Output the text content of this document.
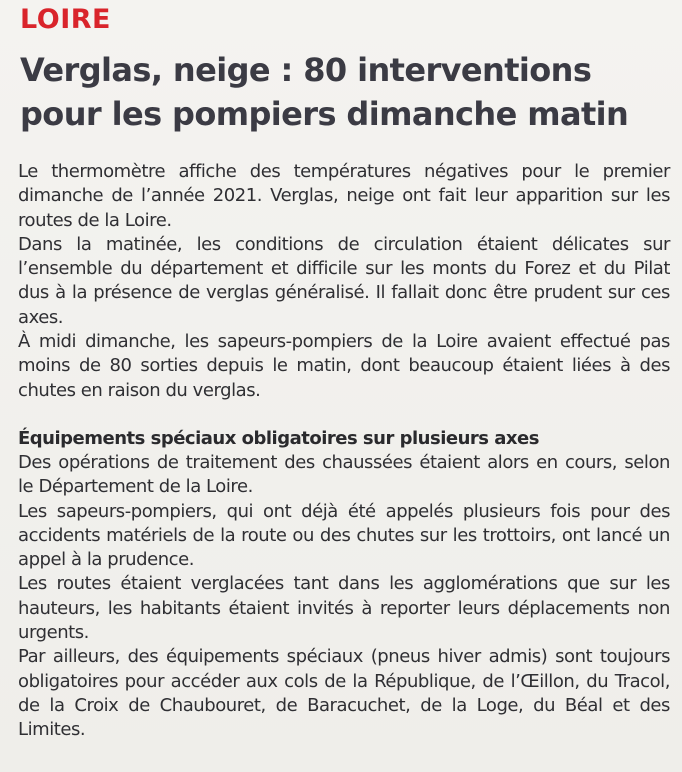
LOIRE
Verglas, neige : 80 interventions
pour les pompiers dimanche matin

Le thermomètre affiche des températures négatives pour le premier dimanche de l’année 2021. Verglas, neige ont fait leur apparition sur les routes de la Loire.

Dans la matinée, les conditions de circulation étaient délicates sur l’ensemble du département et difficile sur les monts du Forez et du Pilat dus à la présence de verglas généralisé. Il fallait donc être prudent sur ces axes.

À midi dimanche, les sapeurs-pompiers de la Loire avaient effectué pas moins de 80 sorties depuis le matin, dont beaucoup étaient liées à des chutes en raison du verglas.

Équipements spéciaux obligatoires sur plusieurs axes

Des opérations de traitement des chaussées étaient alors en cours, selon le Département de la Loire.

Les sapeurs-pompiers, qui ont déjà été appelés plusieurs fois pour des accidents matériels de la route ou des chutes sur les trottoirs, ont lancé un appel à la prudence.

Les routes étaient verglacées tant dans les agglomérations que sur les hauteurs, les habitants étaient invités à reporter leurs déplacements non urgents.

Par ailleurs, des équipements spéciaux (pneus hiver admis) sont toujours obligatoires pour accéder aux cols de la République, de l’Œillon, du Tracol, de la Croix de Chaubouret, de Baracuchet, de la Loge, du Béal et des Limites.
